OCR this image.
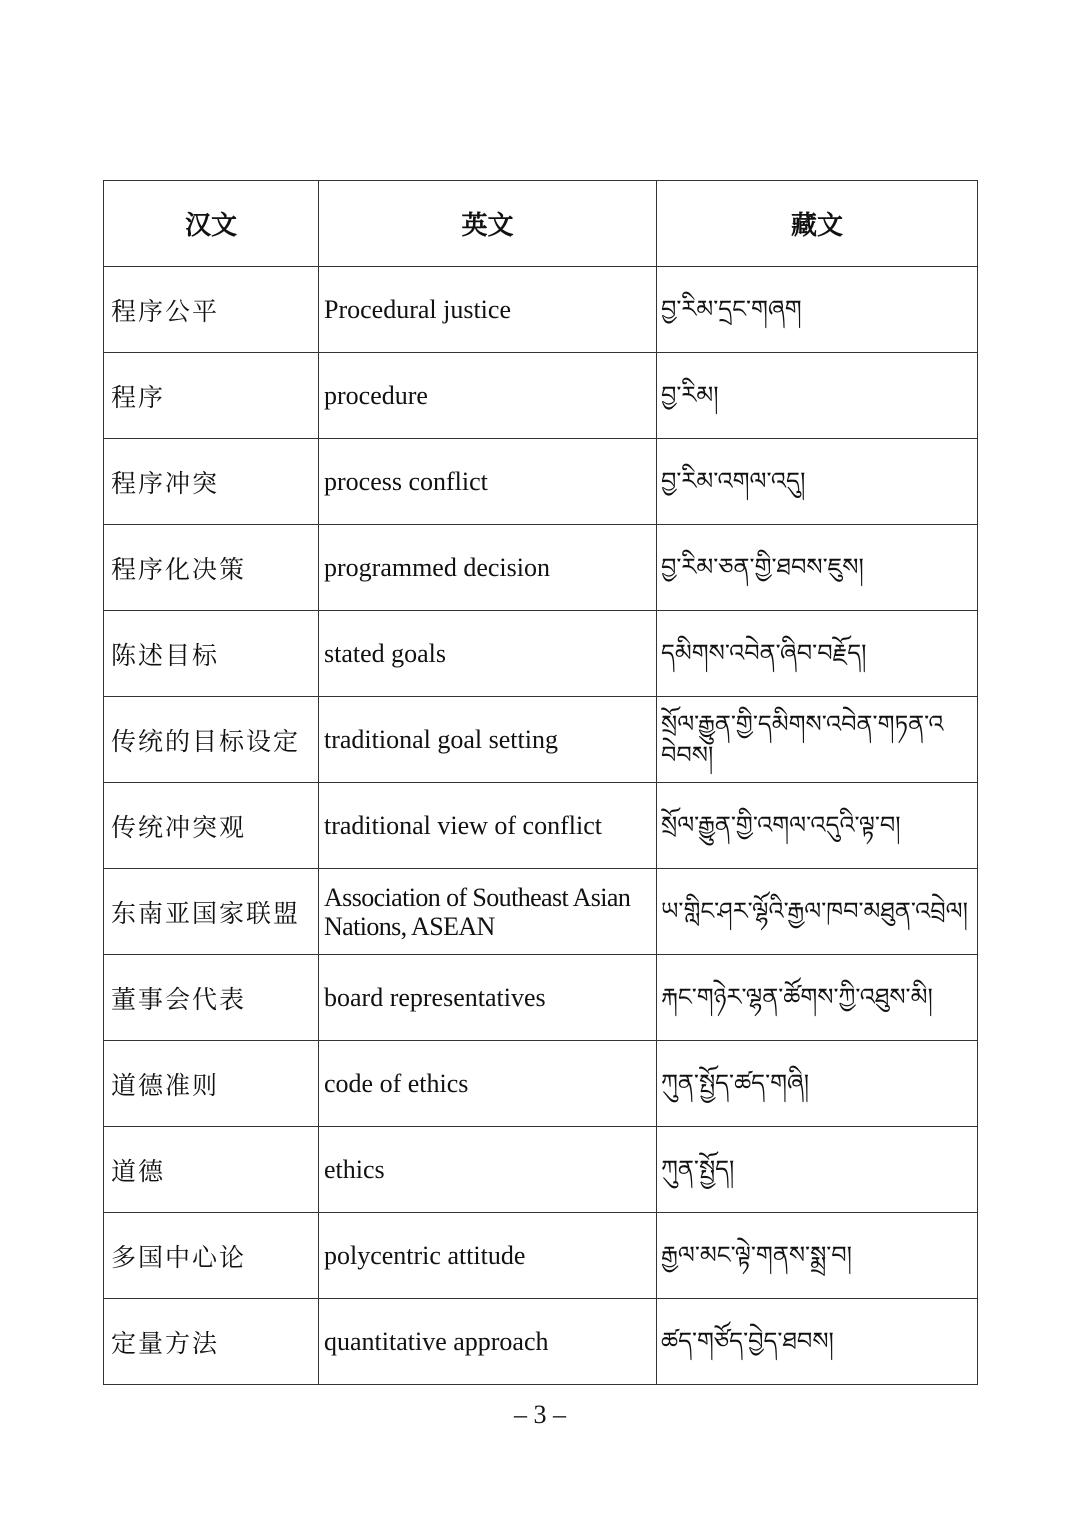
汉文	英文	藏文
程序公平	Procedural justice	བྱ་རིམ་དྲང་གཞག
程序	procedure	བྱ་རིམ།
程序冲突	process conflict	བྱ་རིམ་འགལ་འདུ།
程序化决策	programmed decision	བྱ་རིམ་ཅན་གྱི་ཐབས་ཇུས།
陈述目标	stated goals	དམིགས་འབེན་ཞིབ་བརྗོད།
传统的目标设定	traditional goal setting	སྲོལ་རྒྱུན་གྱི་དམིགས་འབེན་གཏན་འབེབས།
传统冲突观	traditional view of conflict	སྲོལ་རྒྱུན་གྱི་འགལ་འདུའི་ལྟ་བ།
东南亚国家联盟	Association of Southeast Asian Nations, ASEAN	ཡ་གླིང་ཤར་ལྷོའི་རྒྱལ་ཁབ་མཐུན་འབྲེལ།
董事会代表	board representatives	རྐང་གཉེར་ལྷན་ཚོགས་ཀྱི་འཐུས་མི།
道德准则	code of ethics	ཀུན་སྤྱོད་ཚད་གཞི།
道德	ethics	ཀུན་སྤྱོད།
多国中心论	polycentric attitude	རྒྱལ་མང་ལྟེ་གནས་སྨྲ་བ།
定量方法	quantitative approach	ཚད་གཙོད་བྱེད་ཐབས།
– 3 –
